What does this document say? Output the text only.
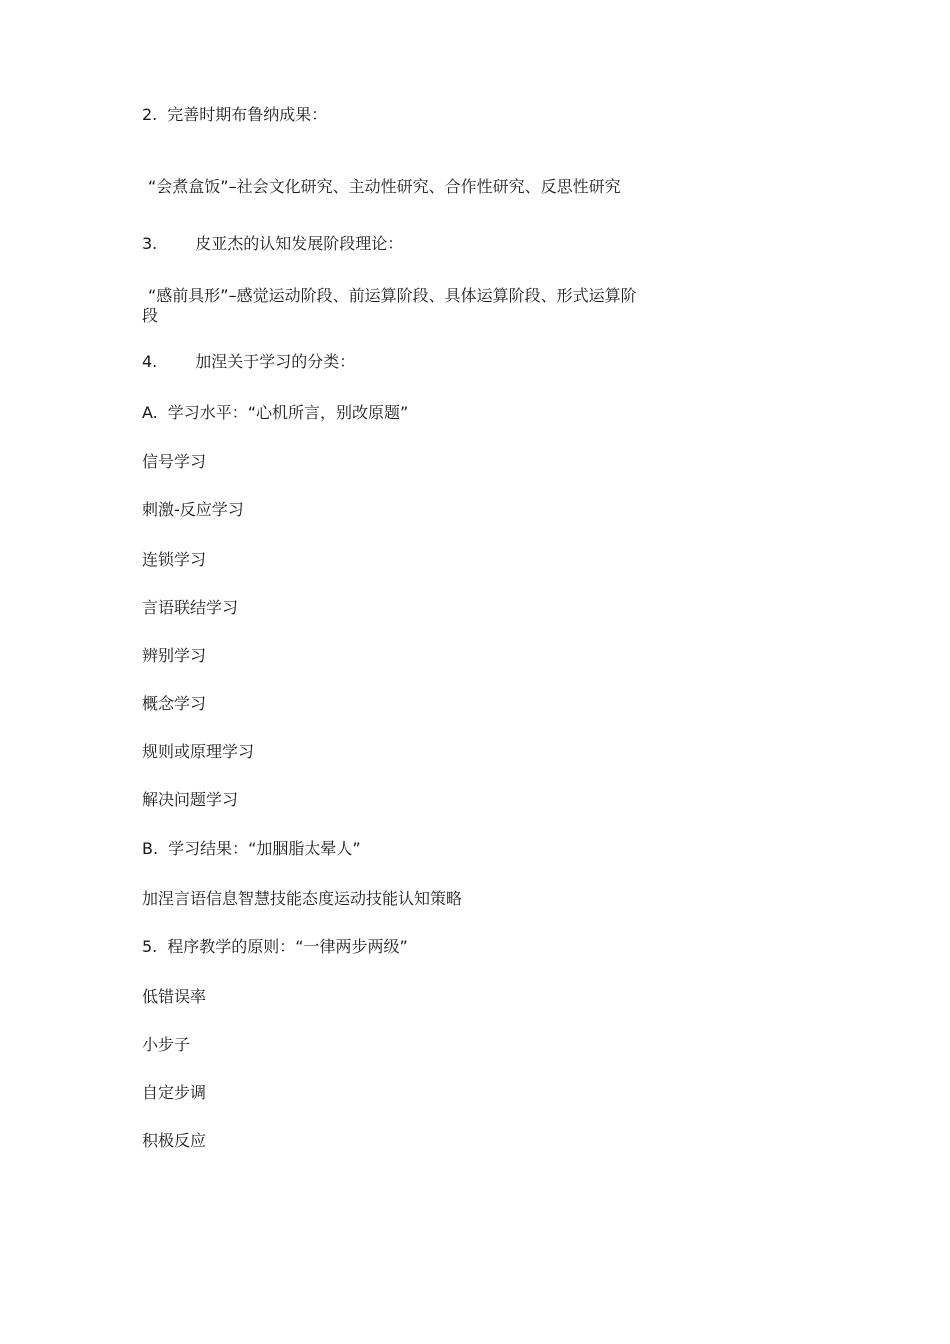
2. 完善时期布鲁纳成果：
“会煮盒饭”–社会文化研究、主动性研究、合作性研究、反思性研究
3. 皮亚杰的认知发展阶段理论：
“感前具形”–感觉运动阶段、前运算阶段、具体运算阶段、形式运算阶
段
4. 加涅关于学习的分类：
A. 学习水平：“心机所言，别改原题”
信号学习
刺激-反应学习
连锁学习
言语联结学习
辨别学习
概念学习
规则或原理学习
解决问题学习
B. 学习结果：“加胭脂太晕人”
加涅言语信息智慧技能态度运动技能认知策略
5. 程序教学的原则：“一律两步两级”
低错误率
小步子
自定步调
积极反应
